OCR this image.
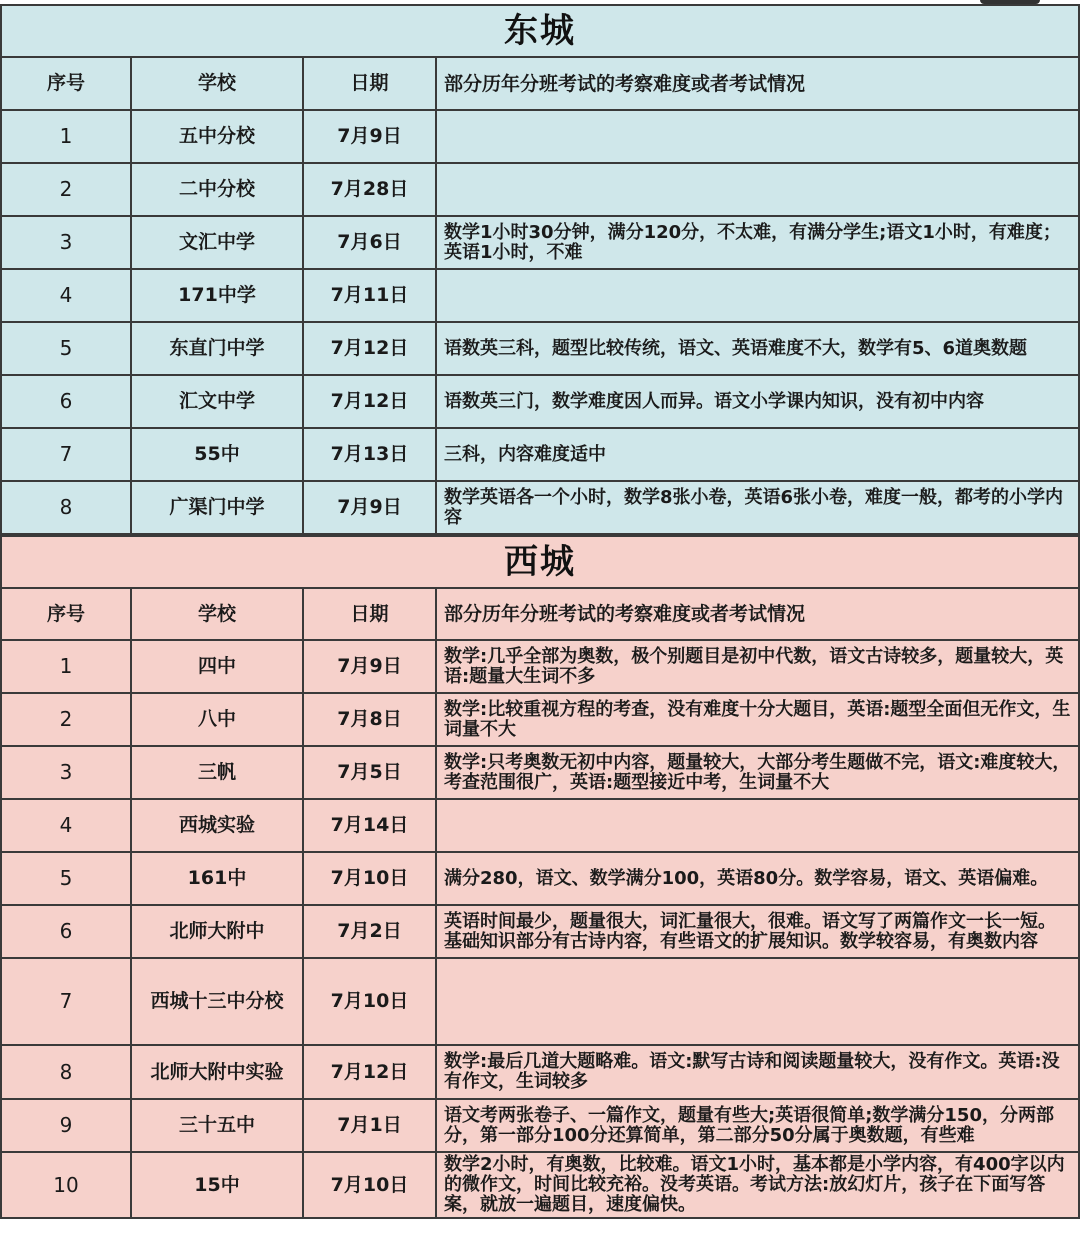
东城			
序号	学校	日期	部分历年分班考试的考察难度或者考试情况
1	五中分校	7月9日	
2	二中分校	7月28日	
3	文汇中学	7月6日	数学1小时30分钟，满分120分，不太难，有满分学生;语文1小时，有难度； 英语1小时，不难
4	171中学	7月11日	
5	东直门中学	7月12日	语数英三科，题型比较传统，语文、英语难度不大，数学有5、6道奥数题
6	汇文中学	7月12日	语数英三门，数学难度因人而异。语文小学课内知识，没有初中内容
7	55中	7月13日	三科，内容难度适中
8	广渠门中学	7月9日	数学英语各一个小时，数学8张小卷，英语6张小卷，难度一般，都考的小学内容
西城			
序号	学校	日期	部分历年分班考试的考察难度或者考试情况
1	四中	7月9日	数学:几乎全部为奥数，极个别题目是初中代数，语文古诗较多，题量较大，英语:题量大生词不多
2	八中	7月8日	数学:比较重视方程的考查，没有难度十分大题目，英语:题型全面但无作文，生词量不大
3	三帆	7月5日	数学:只考奥数无初中内容，题量较大，大部分考生题做不完，语文:难度较大，考查范围很广，英语:题型接近中考，生词量不大
4	西城实验	7月14日	
5	161中	7月10日	满分280，语文、数学满分100，英语80分。数学容易，语文、英语偏难。
6	北师大附中	7月2日	英语时间最少，题量很大，词汇量很大，很难。语文写了两篇作文一长一短。
基础知识部分有古诗内容，有些语文的扩展知识。数学较容易，有奥数内容
7	西城十三中分校	7月10日	
8	北师大附中实验	7月12日	数学:最后几道大题略难。语文:默写古诗和阅读题量较大，没有作文。英语:没有作文，生词较多
9	三十五中	7月1日	语文考两张卷子、一篇作文，题量有些大;英语很简单;数学满分150，分两部分，第一部分100分还算简单，第二部分50分属于奥数题，有些难
10	15中	7月10日	数学2小时，有奥数，比较难。语文1小时，基本都是小学内容，有400字以内的微作文，时间比较充裕。没考英语。考试方法:放幻灯片，孩子在下面写答案，就放一遍题目，速度偏快。
